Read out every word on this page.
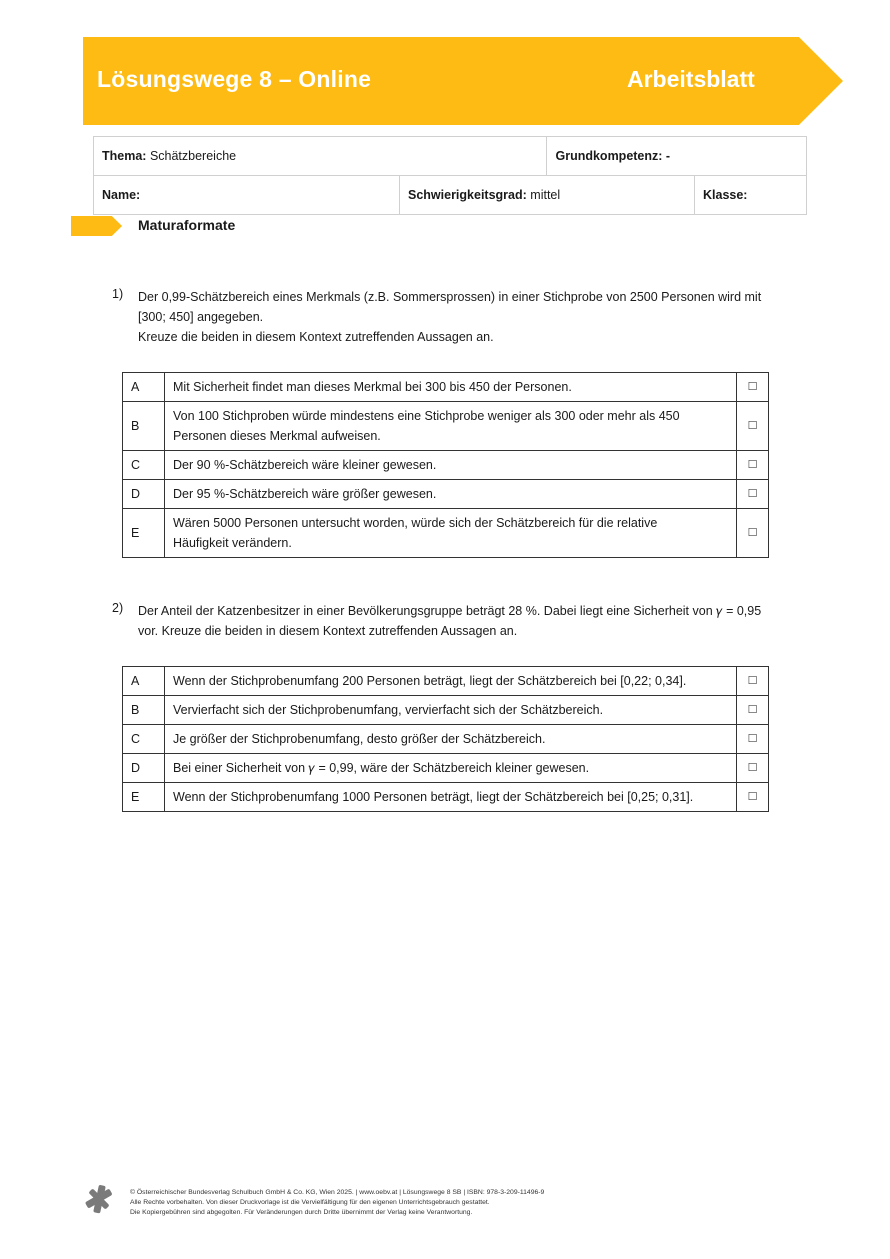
Lösungswege 8 – Online	Arbeitsblatt
Thema: Schätzbereiche		Grundkompetenz: -	
Name:	Schwierigkeitsgrad: mittel		Klasse:
Maturaformate
1) Der 0,99-Schätzbereich eines Merkmals (z.B. Sommersprossen) in einer Stichprobe von 2500 Personen wird mit
[300; 450] angegeben.
Kreuze die beiden in diesem Kontext zutreffenden Aussagen an.
A	Mit Sicherheit findet man dieses Merkmal bei 300 bis 450 der Personen.	☐
B	Von 100 Stichproben würde mindestens eine Stichprobe weniger als 300 oder mehr als 450
Personen dieses Merkmal aufweisen.	☐
C	Der 90 %-Schätzbereich wäre kleiner gewesen.	☐
D	Der 95 %-Schätzbereich wäre größer gewesen.	☐
E	Wären 5000 Personen untersucht worden, würde sich der Schätzbereich für die relative
Häufigkeit verändern.	☐
2) Der Anteil der Katzenbesitzer in einer Bevölkerungsgruppe beträgt 28 %. Dabei liegt eine Sicherheit von 𝛾 = 0,95
vor. Kreuze die beiden in diesem Kontext zutreffenden Aussagen an.
A	Wenn der Stichprobenumfang 200 Personen beträgt, liegt der Schätzbereich bei [0,22; 0,34].	☐
B	Vervierfacht sich der Stichprobenumfang, vervierfacht sich der Schätzbereich.	☐
C	Je größer der Stichprobenumfang, desto größer der Schätzbereich.	☐
D	Bei einer Sicherheit von 𝛾 = 0,99, wäre der Schätzbereich kleiner gewesen.	☐
E	Wenn der Stichprobenumfang 1000 Personen beträgt, liegt der Schätzbereich bei [0,25; 0,31].	☐
© Österreichischer Bundesverlag Schulbuch GmbH & Co. KG, Wien 2025. | www.oebv.at | Lösungswege 8 SB | ISBN: 978-3-209-11496-9
Alle Rechte vorbehalten. Von dieser Druckvorlage ist die Vervielfältigung für den eigenen Unterrichtsgebrauch gestattet.
Die Kopiergebühren sind abgegolten. Für Veränderungen durch Dritte übernimmt der Verlag keine Verantwortung.
